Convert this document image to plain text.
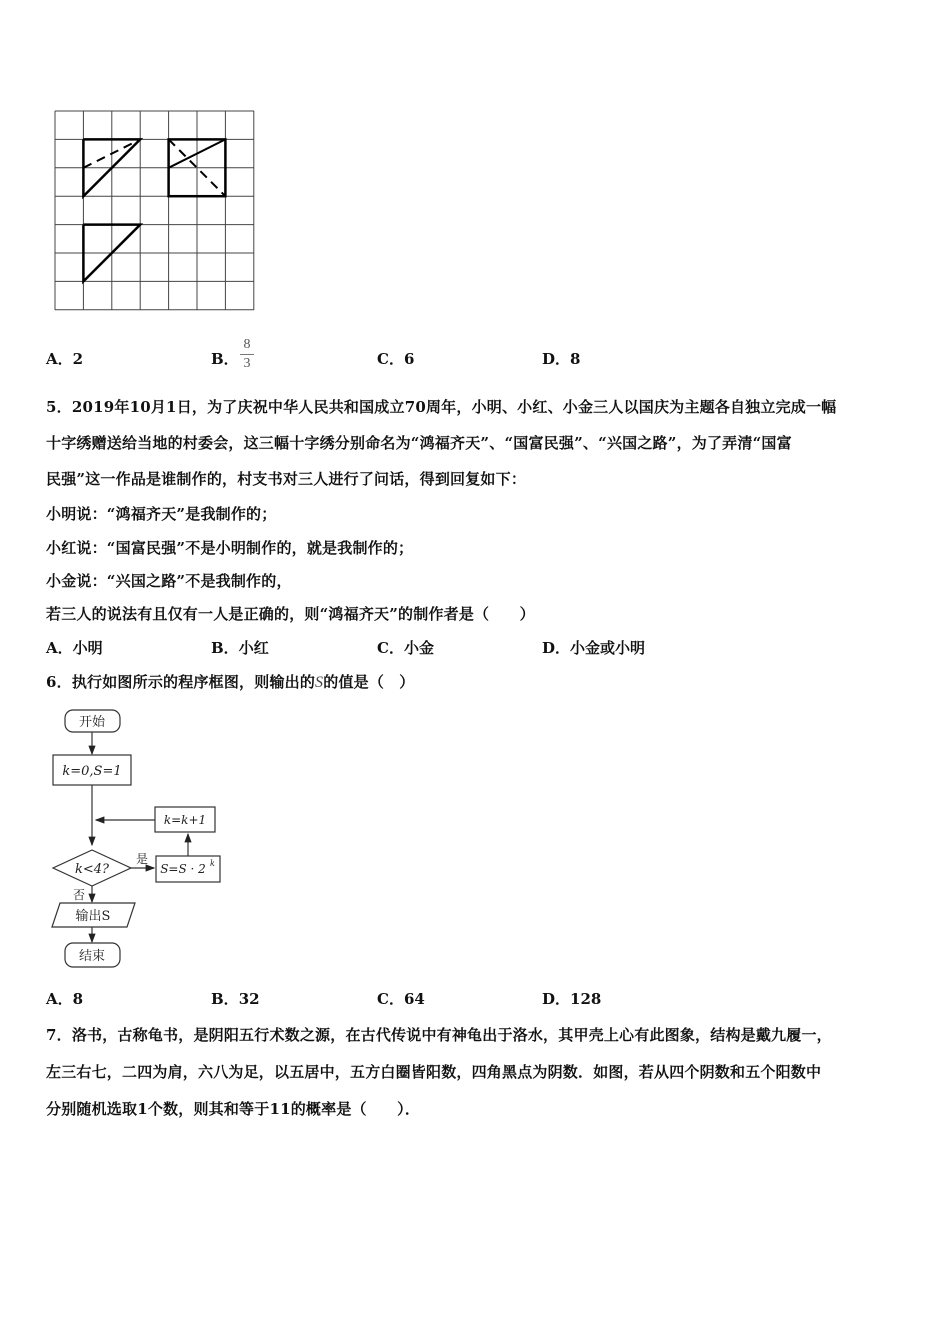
A．2	B．
8
3	C．6	D．8
5．2019年10月1日，为了庆祝中华人民共和国成立70周年，小明、小红、小金三人以国庆为主题各自独立完成一幅
十字绣赠送给当地的村委会，这三幅十字绣分别命名为“鸿福齐天”、“国富民强”、“兴国之路”，为了弄清“国富
民强”这一作品是谁制作的，村支书对三人进行了问话，得到回复如下：
小明说：“鸿福齐天”是我制作的；
小红说：“国富民强”不是小明制作的，就是我制作的；
小金说：“兴国之路”不是我制作的，
若三人的说法有且仅有一人是正确的，则“鸿福齐天”的制作者是（　　）
A．小明	B．小红	C．小金	D．小金或小明
6．执行如图所示的程序框图，则输出的S的值是（　）
开始
k=0,S=1
k=k+1
k<4?
是
否
S=S · 2 k
输出S
结束
A．8	B．32	C．64	D．128
7．洛书，古称龟书，是阴阳五行术数之源，在古代传说中有神龟出于洛水，其甲壳上心有此图象，结构是戴九履一，
左三右七，二四为肩，六八为足，以五居中，五方白圈皆阳数，四角黑点为阴数．如图，若从四个阴数和五个阳数中
分别随机选取1个数，则其和等于11的概率是（　　）．
